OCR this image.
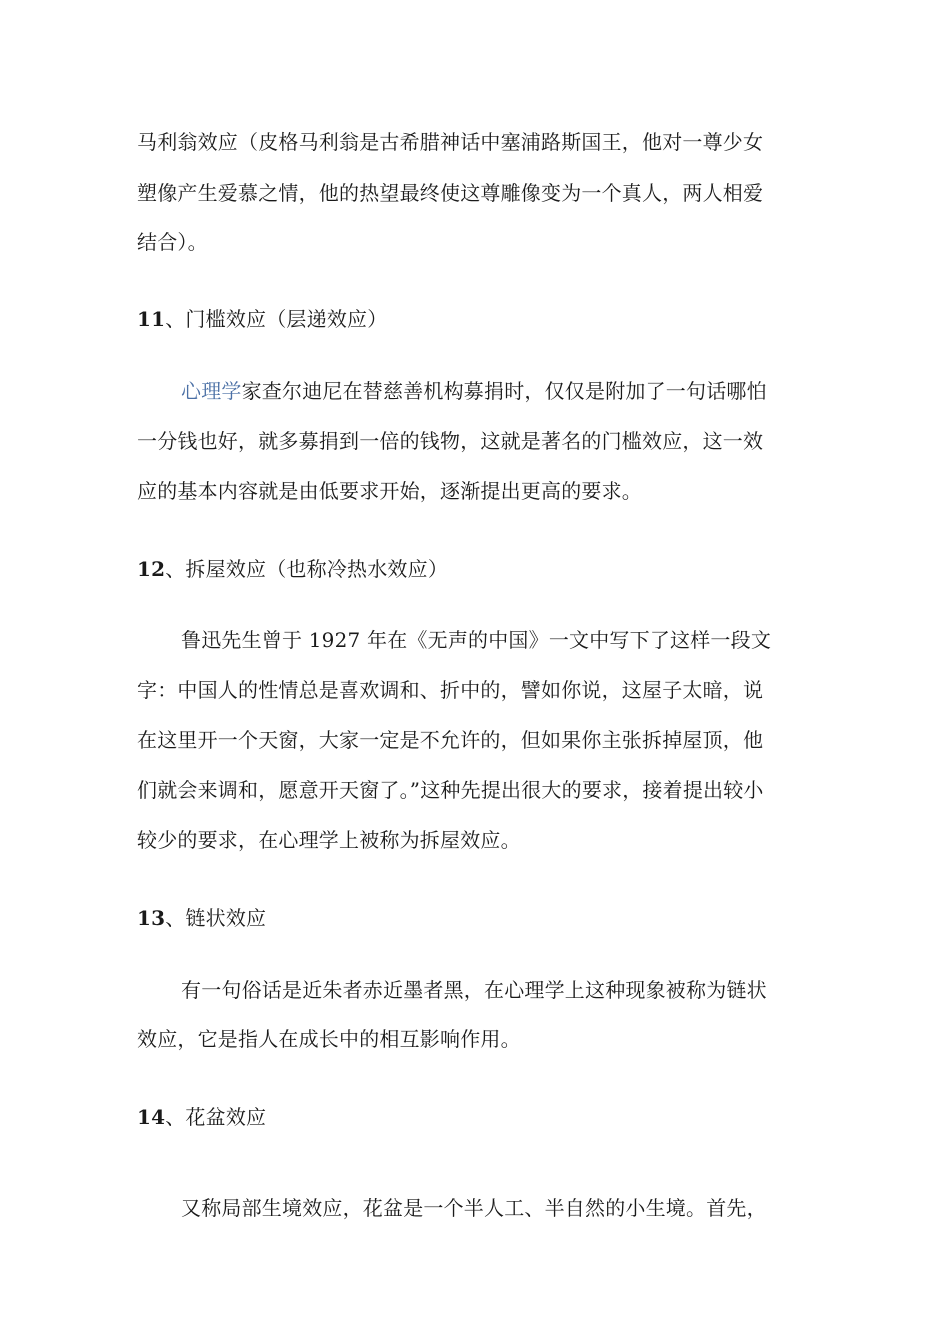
马利翁效应（皮格马利翁是古希腊神话中塞浦路斯国王，他对一尊少女
塑像产生爱慕之情，他的热望最终使这尊雕像变为一个真人，两人相爱
结合）。
11、门槛效应（层递效应）
心理学家查尔迪尼在替慈善机构募捐时，仅仅是附加了一句话哪怕
一分钱也好，就多募捐到一倍的钱物，这就是著名的门槛效应，这一效
应的基本内容就是由低要求开始，逐渐提出更高的要求。
12、拆屋效应（也称冷热水效应）
鲁迅先生曾于 1927 年在《无声的中国》一文中写下了这样一段文
字：中国人的性情总是喜欢调和、折中的，譬如你说，这屋子太暗，说
在这里开一个天窗，大家一定是不允许的，但如果你主张拆掉屋顶，他
们就会来调和，愿意开天窗了。”这种先提出很大的要求，接着提出较小
较少的要求，在心理学上被称为拆屋效应。
13、链状效应
有一句俗话是近朱者赤近墨者黑，在心理学上这种现象被称为链状
效应，它是指人在成长中的相互影响作用。
14、花盆效应
又称局部生境效应，花盆是一个半人工、半自然的小生境。首先，
